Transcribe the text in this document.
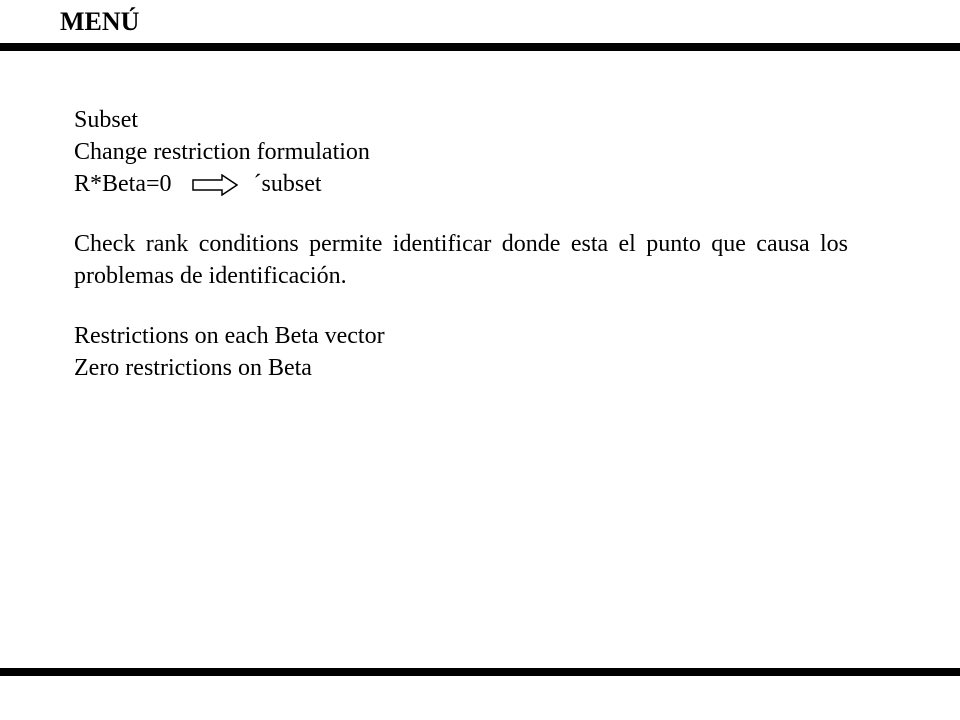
MENÚ
Subset
Change restriction formulation
R*Beta=0	´subset

Check rank conditions permite identificar donde esta el punto que causa los problemas de identificación.

Restrictions on each Beta vector
Zero restrictions on Beta
